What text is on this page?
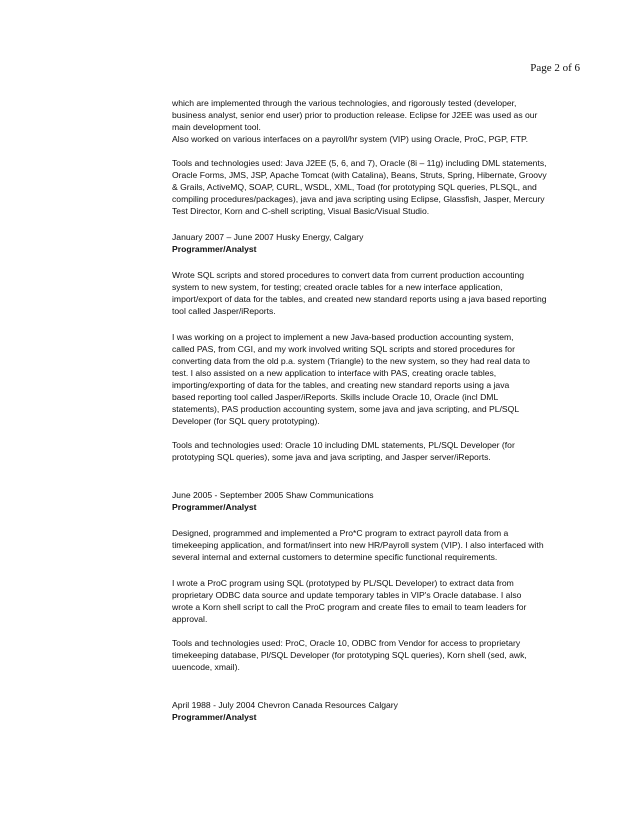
Page 2 of 6
which are implemented through the various technologies, and rigorously tested (developer,
business analyst, senior end user) prior to production release. Eclipse for J2EE was used as our
main development tool.
Also worked on various interfaces on a payroll/hr system (VIP) using Oracle, ProC, PGP, FTP.
Tools and technologies used: Java J2EE (5, 6, and 7), Oracle (8i – 11g) including DML statements,
Oracle Forms, JMS, JSP, Apache Tomcat (with Catalina), Beans, Struts, Spring, Hibernate, Groovy
& Grails, ActiveMQ, SOAP, CURL, WSDL, XML, Toad (for prototyping SQL queries, PLSQL, and
compiling procedures/packages), java and java scripting using Eclipse, Glassfish, Jasper, Mercury
Test Director, Korn and C-shell scripting, Visual Basic/Visual Studio.
January 2007 – June 2007 Husky Energy, Calgary
Programmer/Analyst
Wrote SQL scripts and stored procedures to convert data from current production accounting
system to new system, for testing; created oracle tables for a new interface application,
import/export of data for the tables, and created new standard reports using a java based reporting
tool called Jasper/iReports.
I was working on a project to implement a new Java-based production accounting system,
called PAS, from CGI, and my work involved writing SQL scripts and stored procedures for
converting data from the old p.a. system (Triangle) to the new system, so they had real data to
test. I also assisted on a new application to interface with PAS, creating oracle tables,
importing/exporting of data for the tables, and creating new standard reports using a java
based reporting tool called Jasper/iReports. Skills include Oracle 10, Oracle (incl DML
statements), PAS production accounting system, some java and java scripting, and PL/SQL
Developer (for SQL query prototyping).
Tools and technologies used: Oracle 10 including DML statements, PL/SQL Developer (for
prototyping SQL queries), some java and java scripting, and Jasper server/iReports.
June 2005 - September 2005 Shaw Communications
Programmer/Analyst
Designed, programmed and implemented a Pro*C program to extract payroll data from a
timekeeping application, and format/insert into new HR/Payroll system (VIP). I also interfaced with
several internal and external customers to determine specific functional requirements.
I wrote a ProC program using SQL (prototyped by PL/SQL Developer) to extract data from
proprietary ODBC data source and update temporary tables in VIP's Oracle database. I also
wrote a Korn shell script to call the ProC program and create files to email to team leaders for
approval.
Tools and technologies used: ProC, Oracle 10, ODBC from Vendor for access to proprietary
timekeeping database, Pl/SQL Developer (for prototyping SQL queries), Korn shell (sed, awk,
uuencode, xmail).
April 1988 - July 2004 Chevron Canada Resources Calgary
Programmer/Analyst
